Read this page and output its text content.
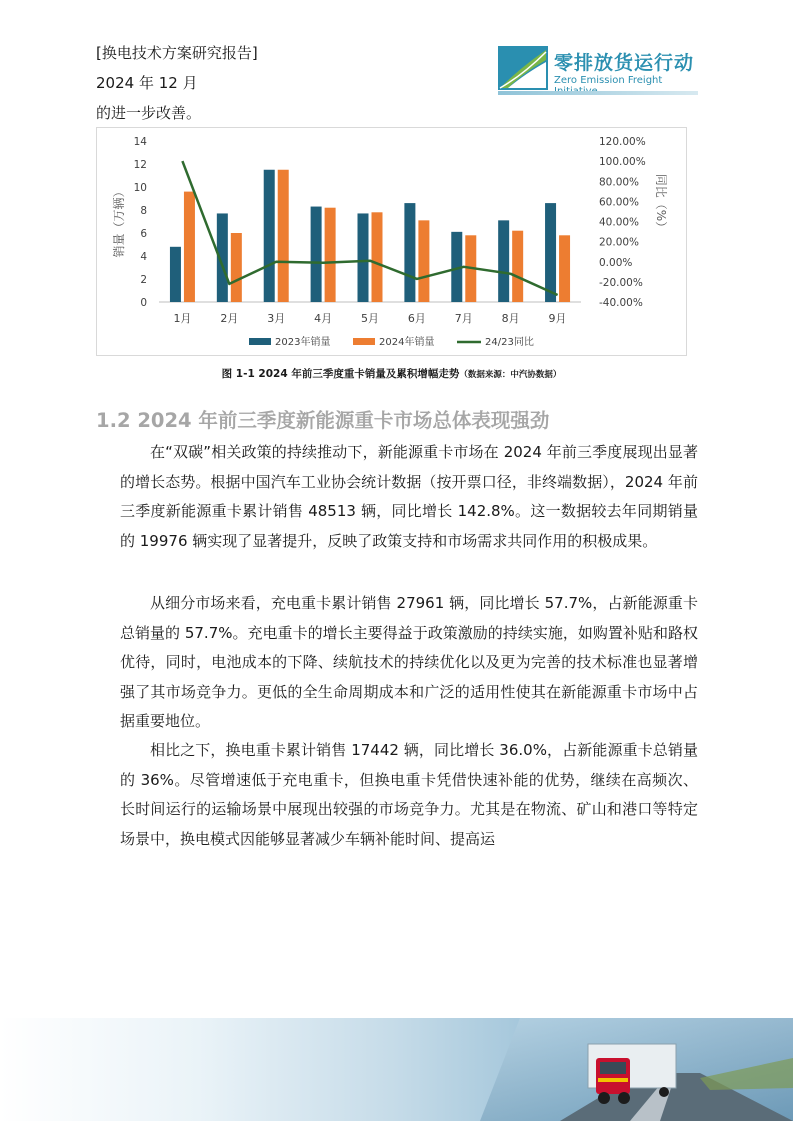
[换电技术方案研究报告]
2024 年 12 月
的进一步改善。
零排放货运行动
Zero Emission Freight
0
2
4
6
8
10
12
14
-40.00%
-20.00%
0.00%
20.00%
40.00%
60.00%
80.00%
100.00%
120.00%
销量（万辆）	同比（%）
1月	2月	3月	4月	5月	6月	7月	8月	9月
2023年销量	2024年销量	24/23同比
图 1-1 2024 年前三季度重卡销量及累积增幅走势（数据来源：中汽协数据）
1.2 2024 年前三季度新能源重卡市场总体表现强劲
在“双碳”相关政策的持续推动下，新能源重卡市场在 2024 年前三季度展现出显著的增长态势。根据中国汽车工业协会统计数据（按开票口径，非终端数据），2024 年前三季度新能源重卡累计销售 48513 辆，同比增长 142.8%。这一数据较去年同期销量的 19976 辆实现了显著提升，反映了政策支持和市场需求共同作用的积极成果。
从细分市场来看，充电重卡累计销售 27961 辆，同比增长 57.7%，占新能源重卡总销量的 57.7%。充电重卡的增长主要得益于政策激励的持续实施，如购置补贴和路权优待，同时，电池成本的下降、续航技术的持续优化以及更为完善的技术标准也显著增强了其市场竞争力。更低的全生命周期成本和广泛的适用性使其在新能源重卡市场中占据重要地位。
相比之下，换电重卡累计销售 17442 辆，同比增长 36.0%，占新能源重卡总销量的 36%。尽管增速低于充电重卡，但换电重卡凭借快速补能的优势，继续在高频次、长时间运行的运输场景中展现出较强的市场竞争力。尤其是在物流、矿山和港口等特定场景中，换电模式因能够显著减少车辆补能时间、提高运
